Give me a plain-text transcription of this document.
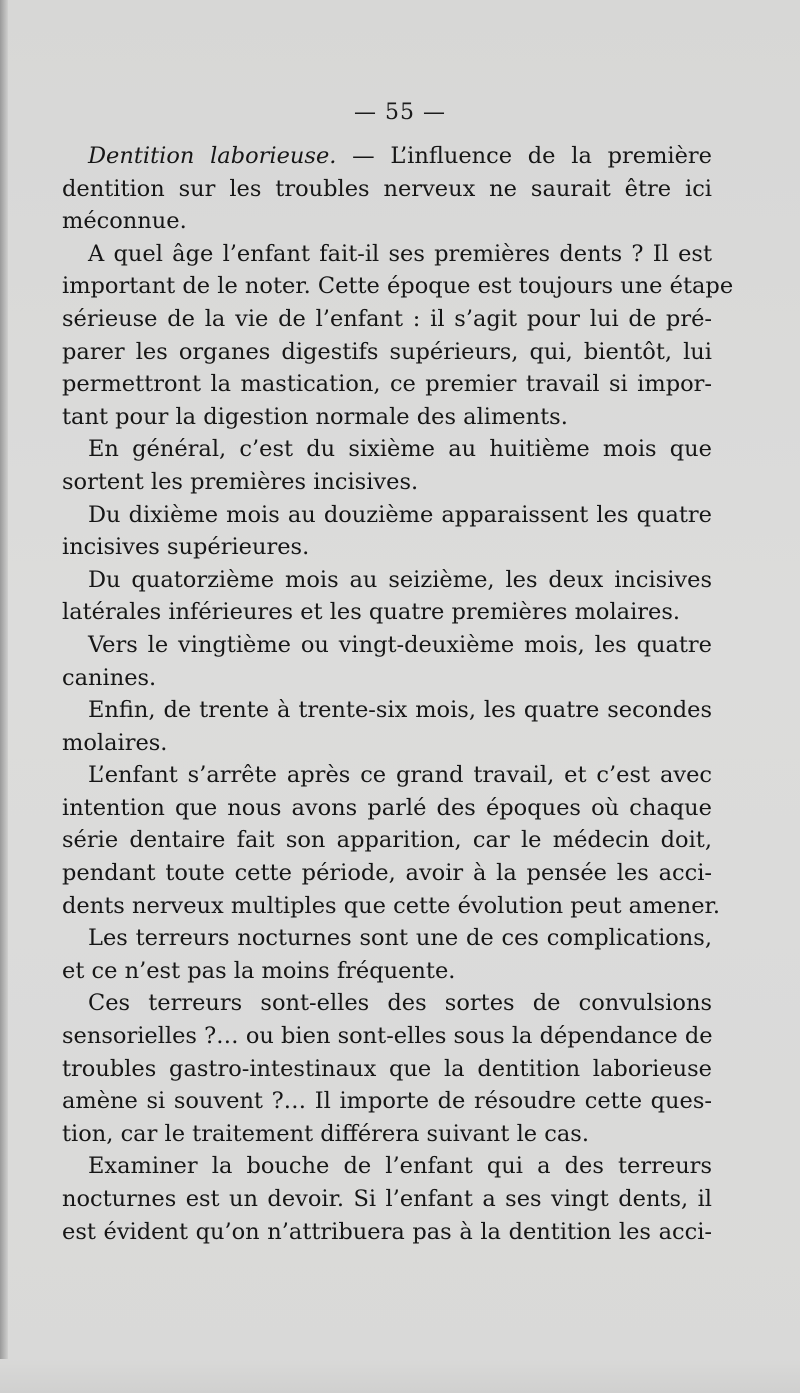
— 55 —
Dentition laborieuse. — L’influence de la première
dentition sur les troubles nerveux ne saurait être ici
méconnue.
A quel âge l’enfant fait-il ses premières dents ? Il est
important de le noter. Cette époque est toujours une étape
sérieuse de la vie de l’enfant : il s’agit pour lui de pré-
parer les organes digestifs supérieurs, qui, bientôt, lui
permettront la mastication, ce premier travail si impor-
tant pour la digestion normale des aliments.
En général, c’est du sixième au huitième mois que
sortent les premières incisives.
Du dixième mois au douzième apparaissent les quatre
incisives supérieures.
Du quatorzième mois au seizième, les deux incisives
latérales inférieures et les quatre premières molaires.
Vers le vingtième ou vingt-deuxième mois, les quatre
canines.
Enfin, de trente à trente-six mois, les quatre secondes
molaires.
L’enfant s’arrête après ce grand travail, et c’est avec
intention que nous avons parlé des époques où chaque
série dentaire fait son apparition, car le médecin doit,
pendant toute cette période, avoir à la pensée les acci-
dents nerveux multiples que cette évolution peut amener.
Les terreurs nocturnes sont une de ces complications,
et ce n’est pas la moins fréquente.
Ces terreurs sont-elles des sortes de convulsions
sensorielles ?… ou bien sont-elles sous la dépendance de
troubles gastro-intestinaux que la dentition laborieuse
amène si souvent ?… Il importe de résoudre cette ques-
tion, car le traitement différera suivant le cas.
Examiner la bouche de l’enfant qui a des terreurs
nocturnes est un devoir. Si l’enfant a ses vingt dents, il
est évident qu’on n’attribuera pas à la dentition les acci-
